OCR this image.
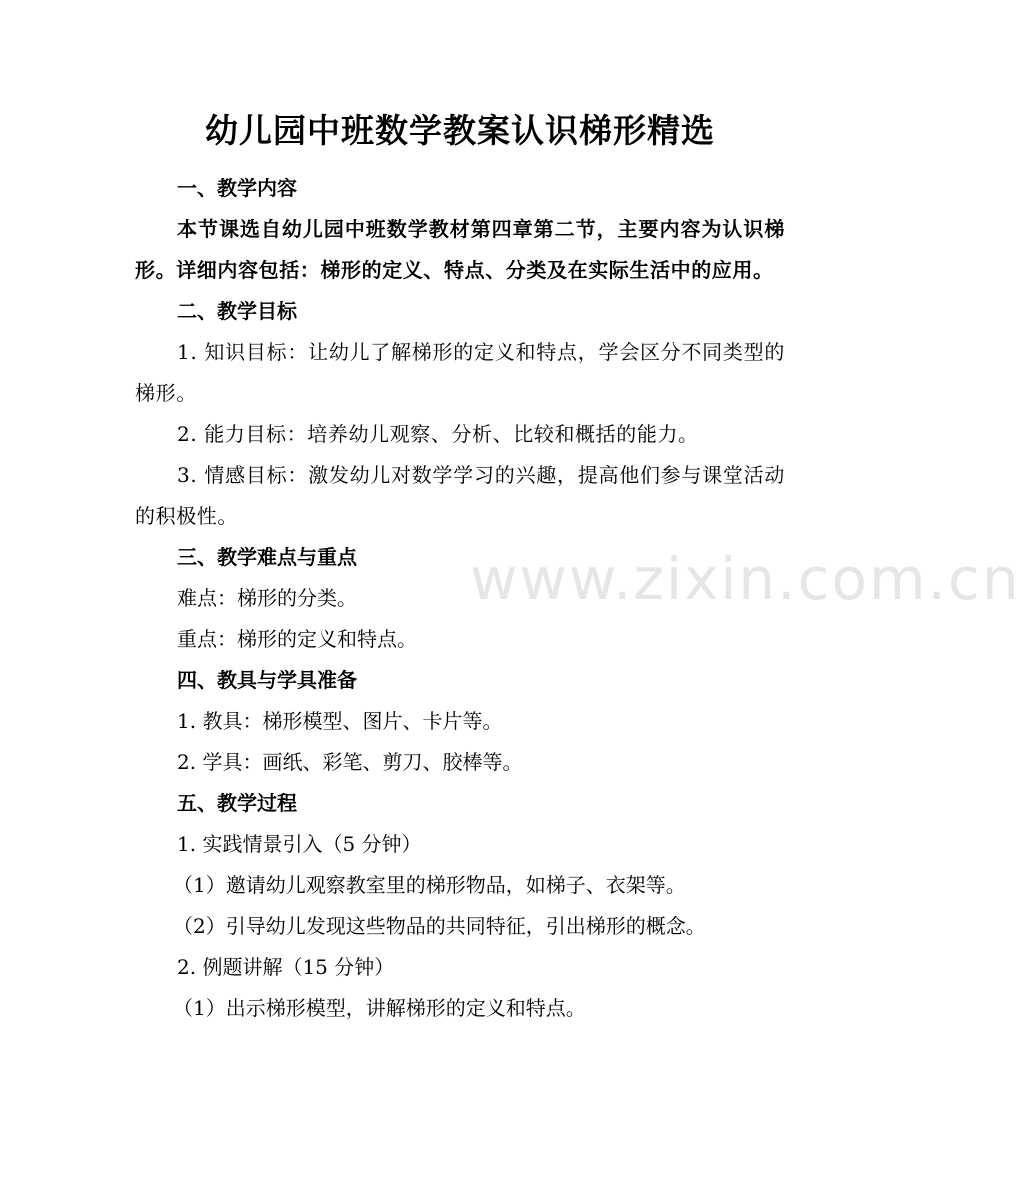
幼儿园中班数学教案认识梯形精选

一、教学内容

本节课选自幼儿园中班数学教材第四章第二节，主要内容为认识梯形。详细内容包括：梯形的定义、特点、分类及在实际生活中的应用。

二、教学目标

1. 知识目标：让幼儿了解梯形的定义和特点，学会区分不同类型的梯形。

2. 能力目标：培养幼儿观察、分析、比较和概括的能力。

3. 情感目标：激发幼儿对数学学习的兴趣，提高他们参与课堂活动的积极性。

三、教学难点与重点

难点：梯形的分类。

重点：梯形的定义和特点。

四、教具与学具准备

1. 教具：梯形模型、图片、卡片等。

2. 学具：画纸、彩笔、剪刀、胶棒等。

五、教学过程

1. 实践情景引入（5 分钟）

（1）邀请幼儿观察教室里的梯形物品，如梯子、衣架等。

（2）引导幼儿发现这些物品的共同特征，引出梯形的概念。

2. 例题讲解（15 分钟）

（1）出示梯形模型，讲解梯形的定义和特点。

www.zixin.com.cn
